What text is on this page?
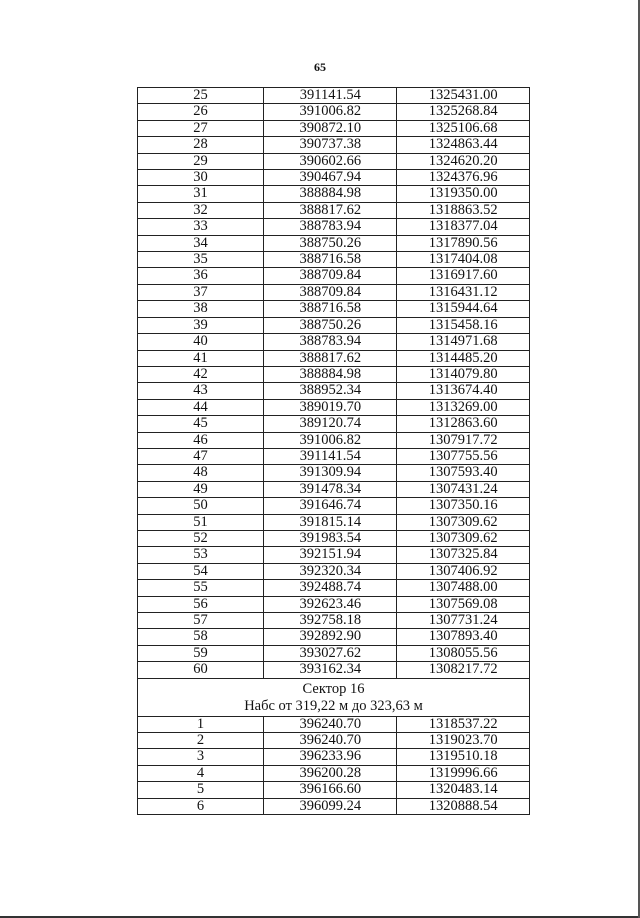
65
25	391141.54	1325431.00
26	391006.82	1325268.84
27	390872.10	1325106.68
28	390737.38	1324863.44
29	390602.66	1324620.20
30	390467.94	1324376.96
31	388884.98	1319350.00
32	388817.62	1318863.52
33	388783.94	1318377.04
34	388750.26	1317890.56
35	388716.58	1317404.08
36	388709.84	1316917.60
37	388709.84	1316431.12
38	388716.58	1315944.64
39	388750.26	1315458.16
40	388783.94	1314971.68
41	388817.62	1314485.20
42	388884.98	1314079.80
43	388952.34	1313674.40
44	389019.70	1313269.00
45	389120.74	1312863.60
46	391006.82	1307917.72
47	391141.54	1307755.56
48	391309.94	1307593.40
49	391478.34	1307431.24
50	391646.74	1307350.16
51	391815.14	1307309.62
52	391983.54	1307309.62
53	392151.94	1307325.84
54	392320.34	1307406.92
55	392488.74	1307488.00
56	392623.46	1307569.08
57	392758.18	1307731.24
58	392892.90	1307893.40
59	393027.62	1308055.56
60	393162.34	1308217.72

Сектор 16
Набс от 319,22 м до 323,63 м		

1	396240.70	1318537.22
2	396240.70	1319023.70
3	396233.96	1319510.18
4	396200.28	1319996.66
5	396166.60	1320483.14
6	396099.24	1320888.54
